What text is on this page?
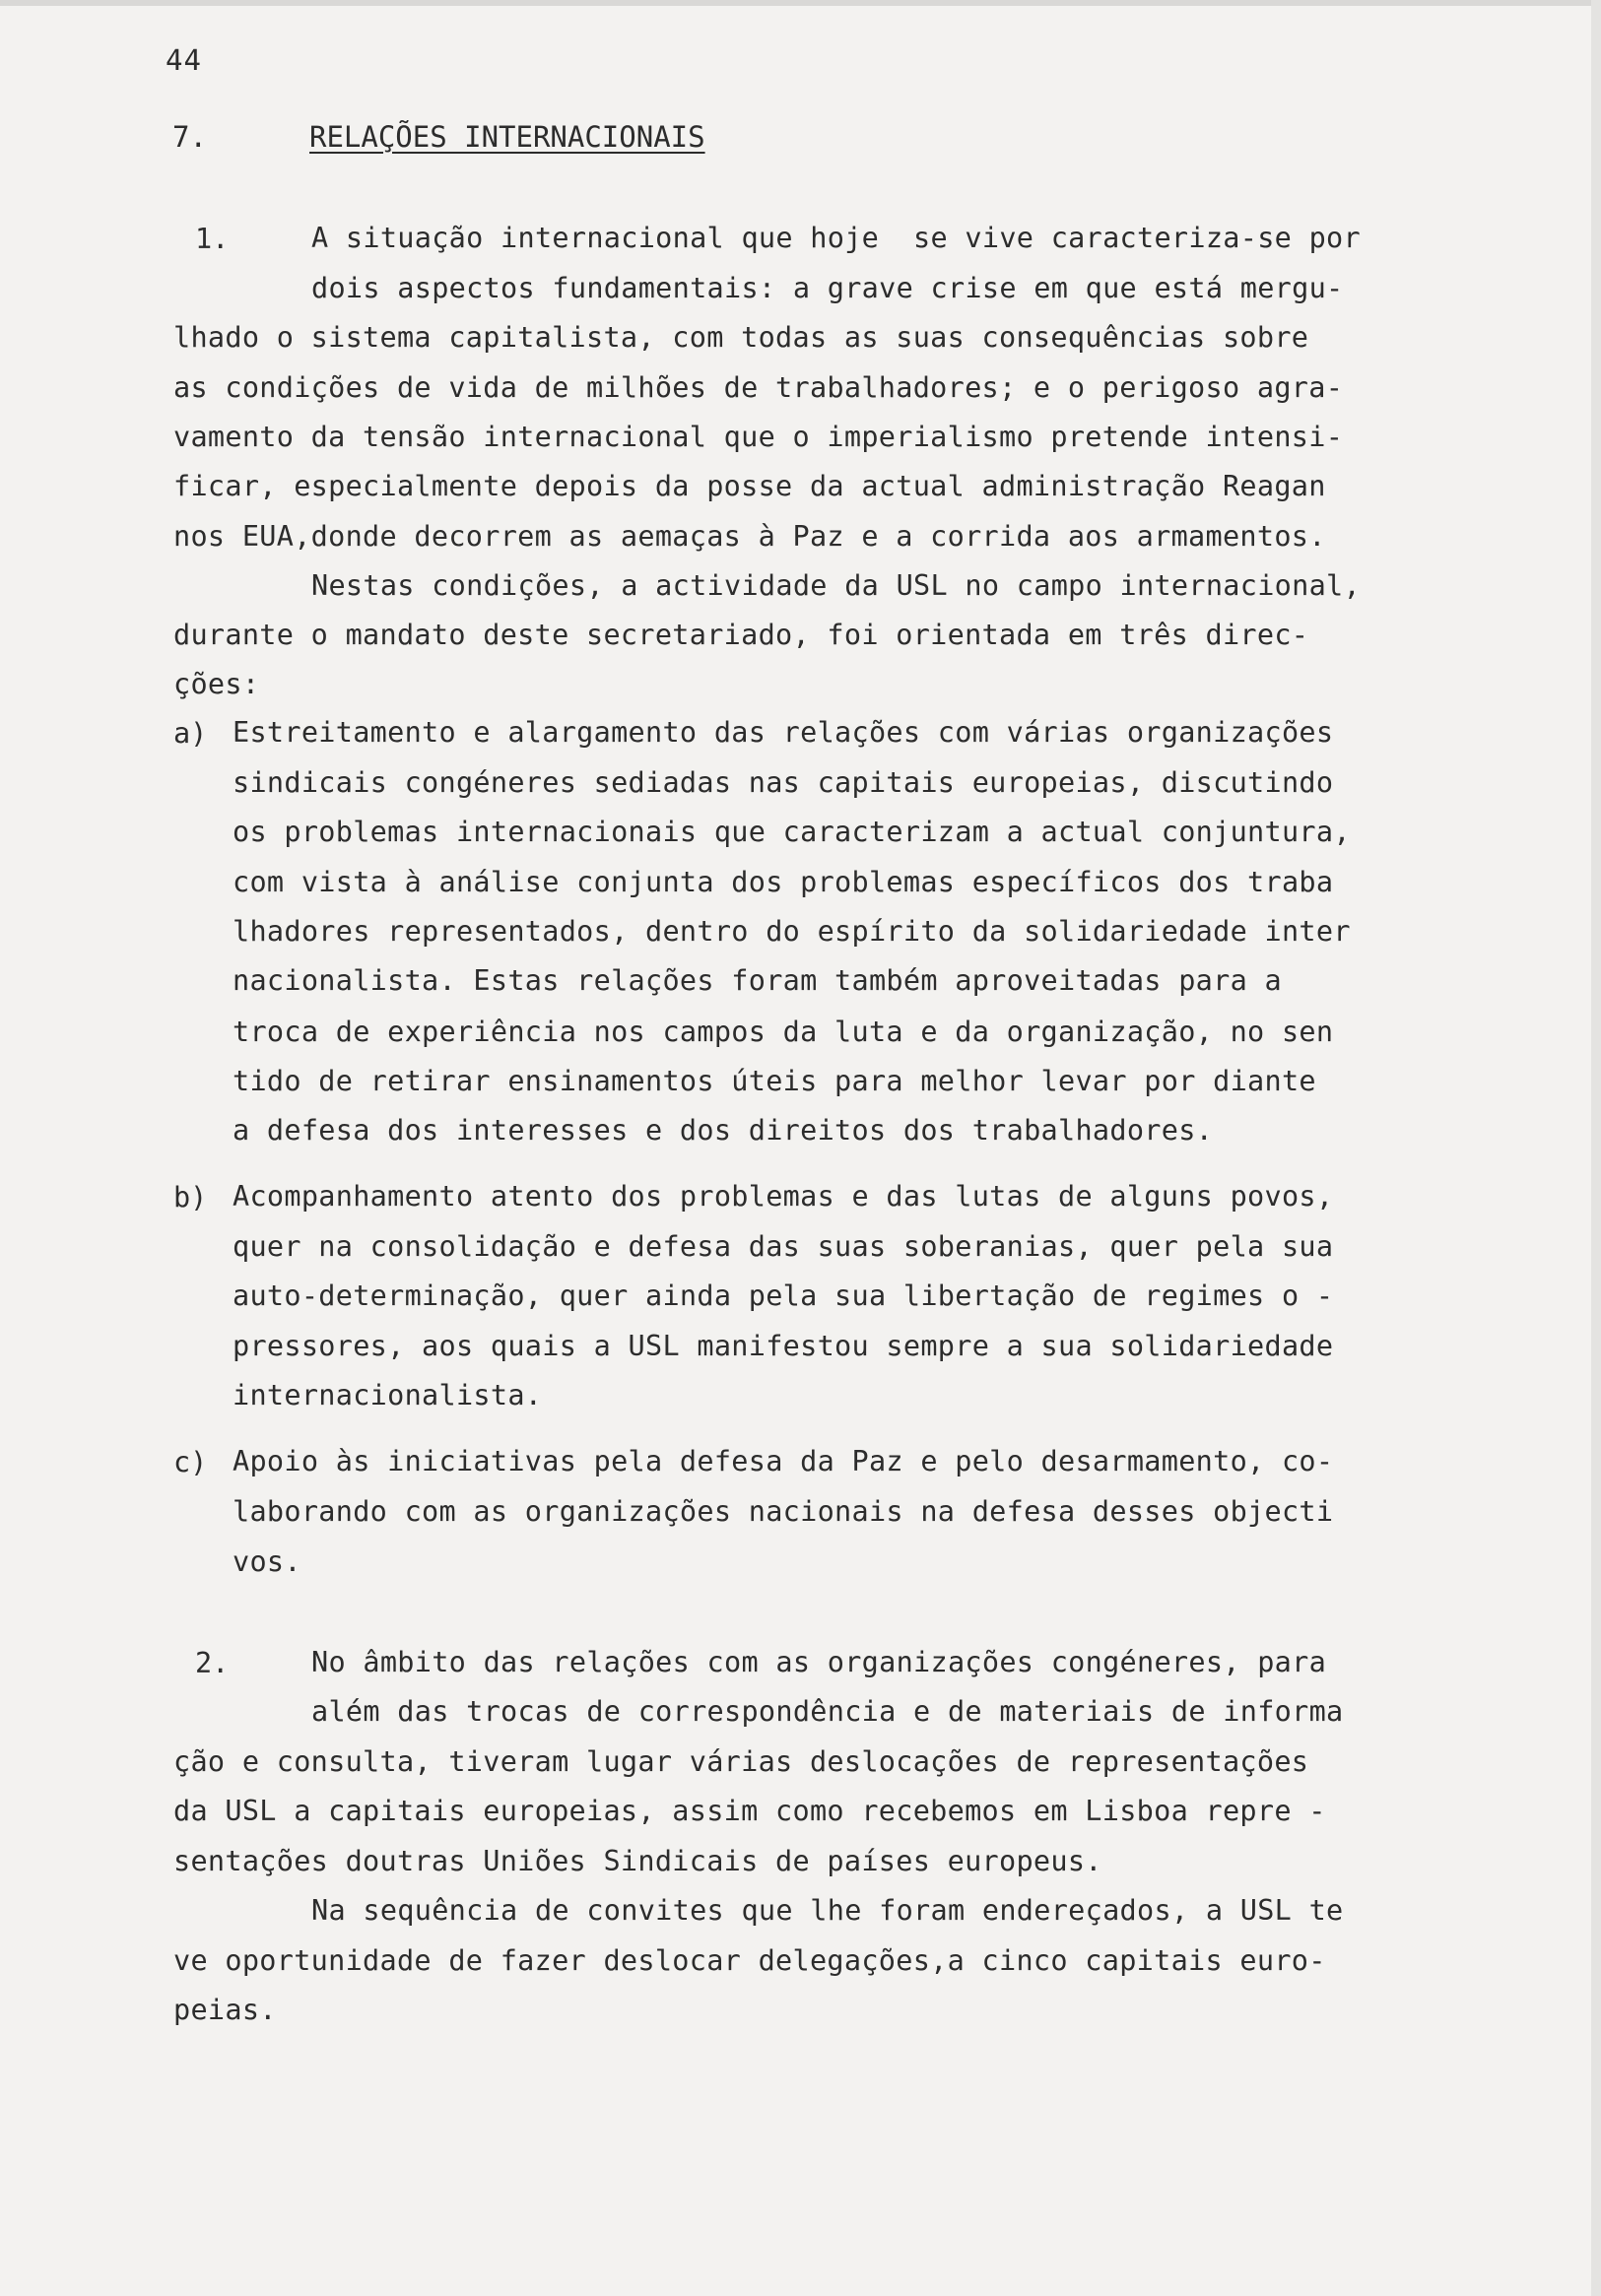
44
7.	RELAÇÕES INTERNACIONAIS
1.	A situação internacional que hoje  se vive caracteriza-se por
dois aspectos fundamentais: a grave crise em que está mergu-
lhado o sistema capitalista, com todas as suas consequências sobre
as condições de vida de milhões de trabalhadores; e o perigoso agra-
vamento da tensão internacional que o imperialismo pretende intensi-
ficar, especialmente depois da posse da actual administração Reagan
nos EUA,donde decorrem as aemaças à Paz e a corrida aos armamentos.
Nestas condições, a actividade da USL no campo internacional,
durante o mandato deste secretariado, foi orientada em três direc-
ções:
a) Estreitamento e alargamento das relações com várias organizações
sindicais congéneres sediadas nas capitais europeias, discutindo
os problemas internacionais que caracterizam a actual conjuntura,
com vista à análise conjunta dos problemas específicos dos traba
lhadores representados, dentro do espírito da solidariedade inter
nacionalista. Estas relações foram também aproveitadas para a
troca de experiência nos campos da luta e da organização, no sen
tido de retirar ensinamentos úteis para melhor levar por diante
a defesa dos interesses e dos direitos dos trabalhadores.
b) Acompanhamento atento dos problemas e das lutas de alguns povos,
quer na consolidação e defesa das suas soberanias, quer pela sua
auto-determinação, quer ainda pela sua libertação de regimes o -
pressores, aos quais a USL manifestou sempre a sua solidariedade
internacionalista.
c) Apoio às iniciativas pela defesa da Paz e pelo desarmamento, co-
laborando com as organizações nacionais na defesa desses objecti
vos.
2.	No âmbito das relações com as organizações congéneres, para
além das trocas de correspondência e de materiais de informa
ção e consulta, tiveram lugar várias deslocações de representações
da USL a capitais europeias, assim como recebemos em Lisboa repre -
sentações doutras Uniões Sindicais de países europeus.
Na sequência de convites que lhe foram endereçados, a USL te
ve oportunidade de fazer deslocar delegações,a cinco capitais euro-
peias.
